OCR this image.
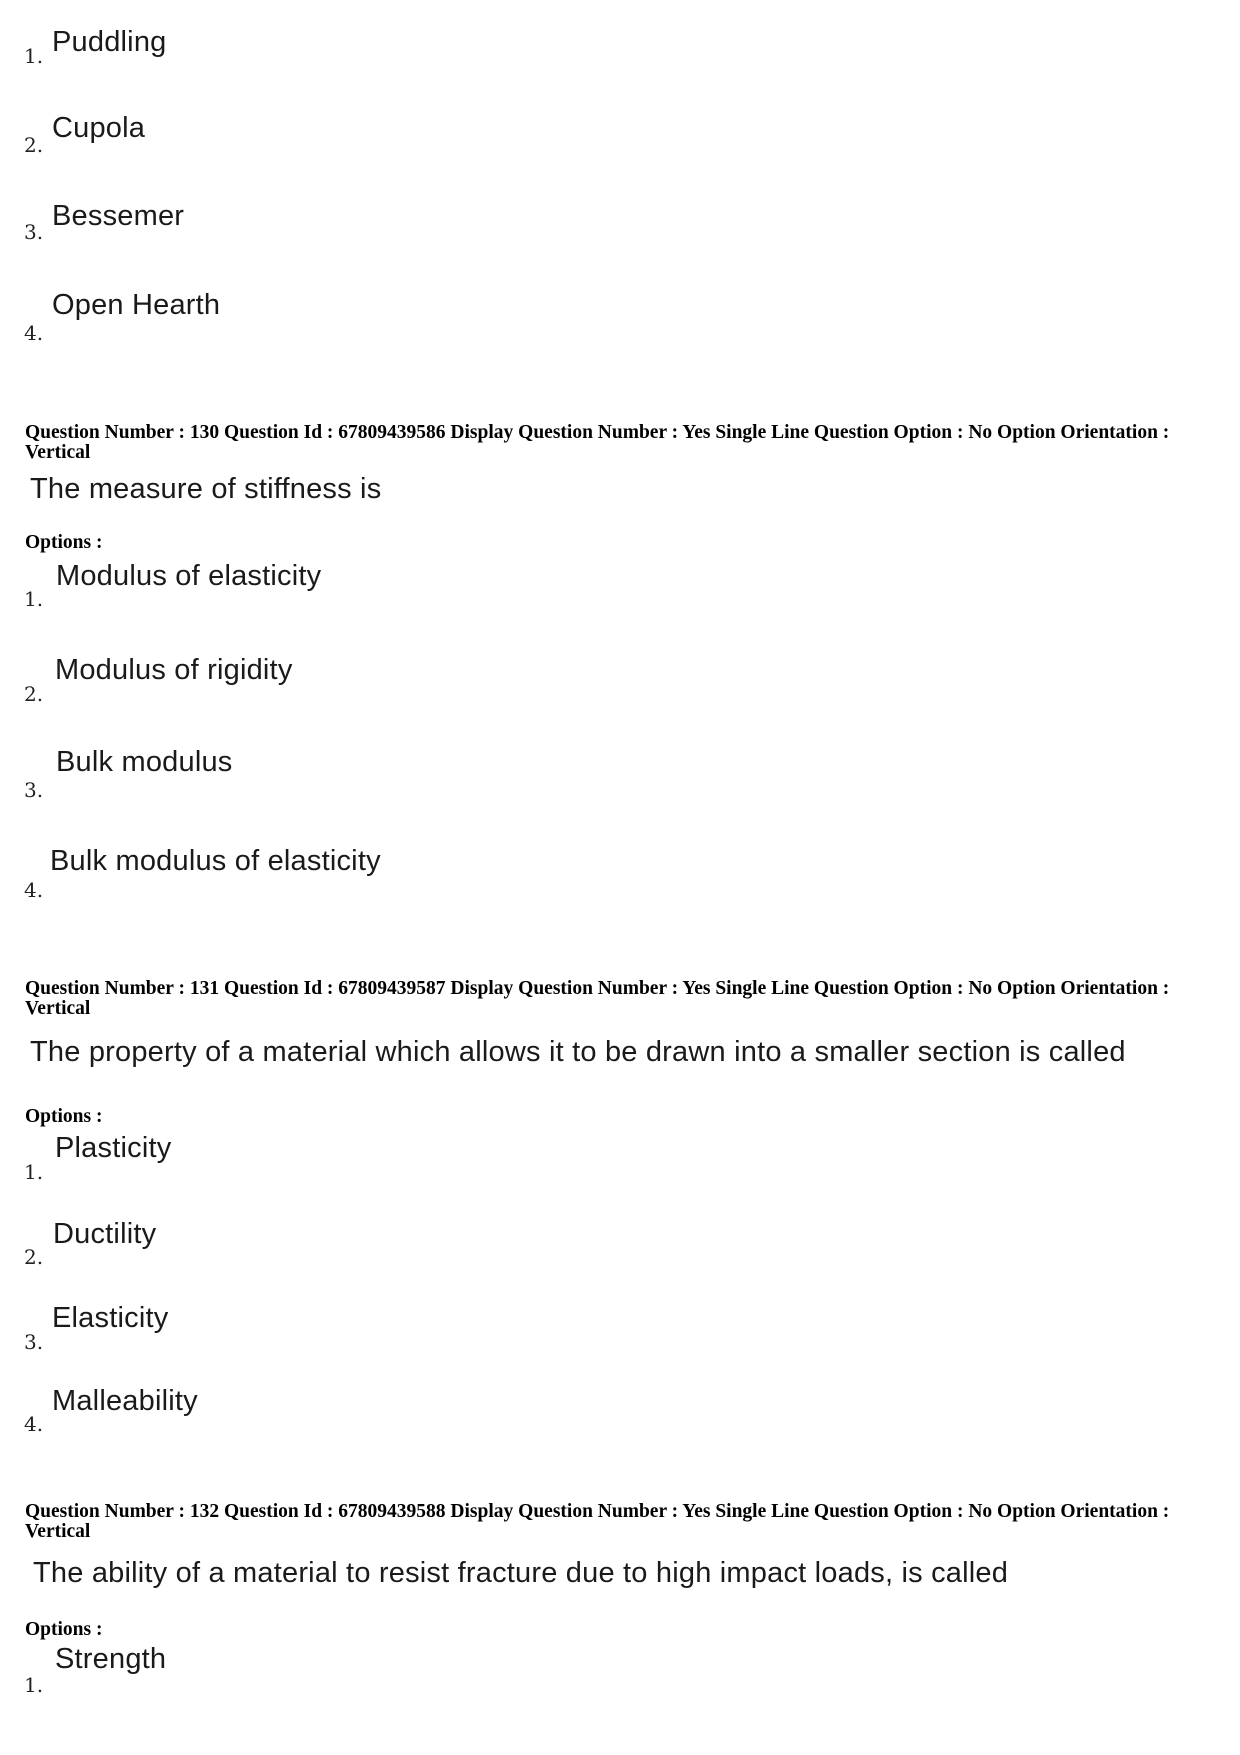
1. Puddling
2.
Cupola
3. Bessemer
4.
Open Hearth
Question Number : 130 Question Id : 67809439586 Display Question Number : Yes Single Line Question Option : No Option Orientation : Vertical
The measure of stiffness is
Options :
1.
Modulus of elasticity
2.
Modulus of rigidity
3.
Bulk modulus
4.
Bulk modulus of elasticity
Question Number : 131 Question Id : 67809439587 Display Question Number : Yes Single Line Question Option : No Option Orientation : Vertical
The property of a material which allows it to be drawn into a smaller section is called
Options :
1.
Plasticity
2.
Ductility
3.
Elasticity
4.
Malleability
Question Number : 132 Question Id : 67809439588 Display Question Number : Yes Single Line Question Option : No Option Orientation : Vertical
The ability of a material to resist fracture due to high impact loads, is called
Options :
1.
Strength
